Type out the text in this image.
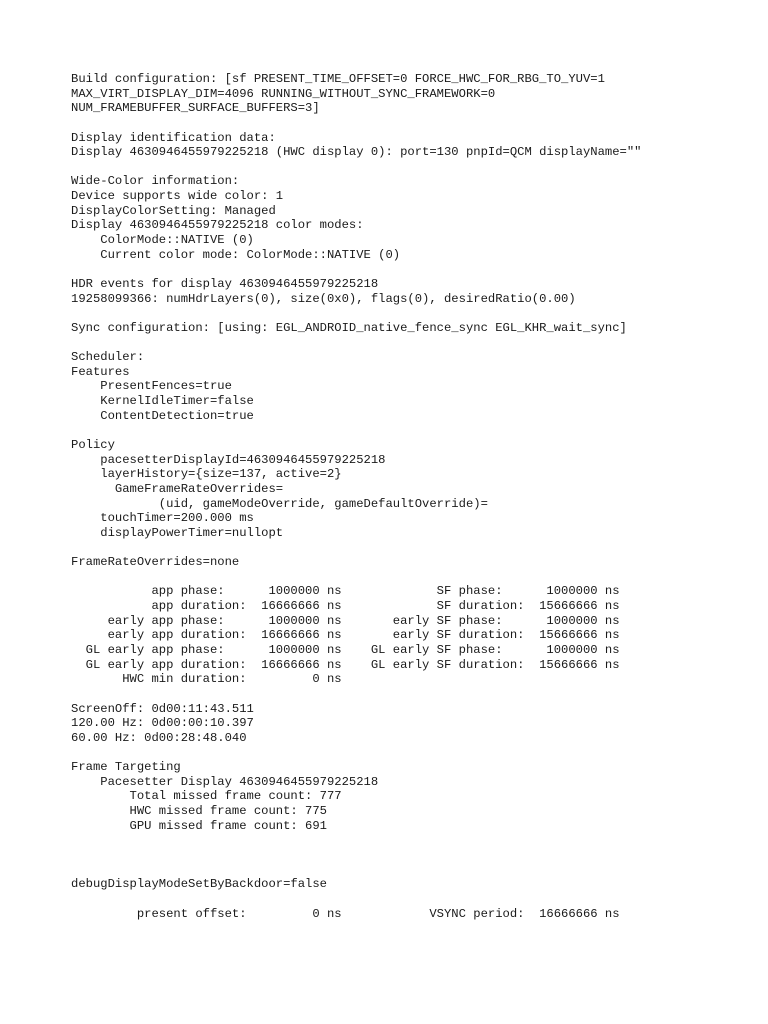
Build configuration: [sf PRESENT_TIME_OFFSET=0 FORCE_HWC_FOR_RBG_TO_YUV=1
MAX_VIRT_DISPLAY_DIM=4096 RUNNING_WITHOUT_SYNC_FRAMEWORK=0
NUM_FRAMEBUFFER_SURFACE_BUFFERS=3]
Display identification data:
Display 4630946455979225218 (HWC display 0): port=130 pnpId=QCM displayName=""
Wide-Color information:
Device supports wide color: 1
DisplayColorSetting: Managed
Display 4630946455979225218 color modes:
ColorMode::NATIVE (0)
Current color mode: ColorMode::NATIVE (0)
HDR events for display 4630946455979225218
19258099366: numHdrLayers(0), size(0x0), flags(0), desiredRatio(0.00)
Sync configuration: [using: EGL_ANDROID_native_fence_sync EGL_KHR_wait_sync]
Scheduler:
Features
PresentFences=true
KernelIdleTimer=false
ContentDetection=true
Policy
pacesetterDisplayId=4630946455979225218
layerHistory={size=137, active=2}
GameFrameRateOverrides=
(uid, gameModeOverride, gameDefaultOverride)=
touchTimer=200.000 ms
displayPowerTimer=nullopt
FrameRateOverrides=none
app phase:      1000000 ns             SF phase:      1000000 ns
app duration:  16666666 ns             SF duration:  15666666 ns
early app phase:      1000000 ns       early SF phase:      1000000 ns
early app duration:  16666666 ns       early SF duration:  15666666 ns
GL early app phase:      1000000 ns    GL early SF phase:      1000000 ns
GL early app duration:  16666666 ns    GL early SF duration:  15666666 ns
HWC min duration:         0 ns
ScreenOff: 0d00:11:43.511
120.00 Hz: 0d00:00:10.397
60.00 Hz: 0d00:28:48.040
Frame Targeting
Pacesetter Display 4630946455979225218
Total missed frame count: 777
HWC missed frame count: 775
GPU missed frame count: 691
debugDisplayModeSetByBackdoor=false
present offset:         0 ns            VSYNC period:  16666666 ns
